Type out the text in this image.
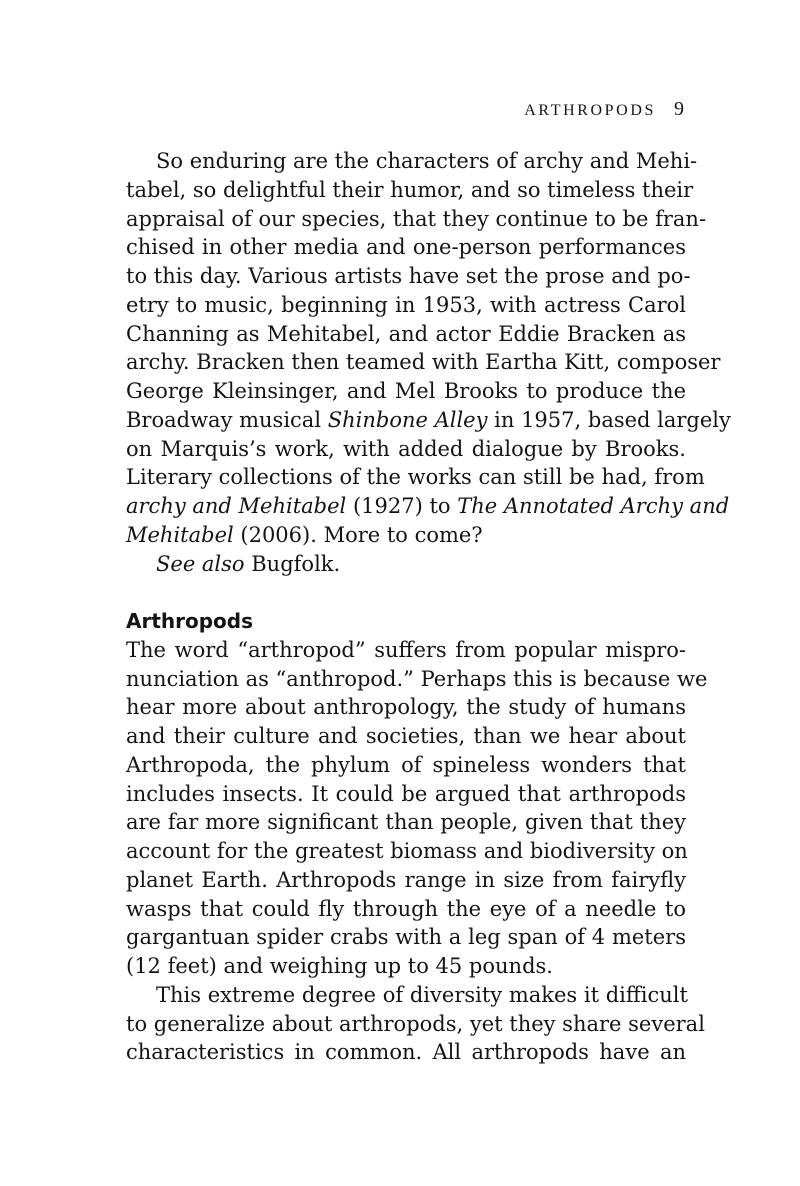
ARTHROPODS 9
So enduring are the characters of archy and Mehi-
tabel, so delightful their humor, and so timeless their
appraisal of our species, that they continue to be fran-
chised in other media and one-person performances
to this day. Various artists have set the prose and po-
etry to music, beginning in 1953, with actress Carol
Channing as Mehitabel, and actor Eddie Bracken as
archy. Bracken then teamed with Eartha Kitt, composer
George Kleinsinger, and Mel Brooks to produce the
Broadway musical Shinbone Alley in 1957, based largely
on Marquis’s work, with added dialogue by Brooks.
Literary collections of the works can still be had, from
archy and Mehitabel (1927) to The Annotated Archy and
Mehitabel (2006). More to come?
See also Bugfolk.
Arthropods
The word “arthropod” suffers from popular mispro-
nunciation as “anthropod.” Perhaps this is because we
hear more about anthropology, the study of humans
and their culture and societies, than we hear about
Arthropoda, the phylum of spineless wonders that
includes insects. It could be argued that arthropods
are far more significant than people, given that they
account for the greatest biomass and biodiversity on
planet Earth. Arthropods range in size from fairyfly
wasps that could fly through the eye of a needle to
gargantuan spider crabs with a leg span of 4 meters
(12 feet) and weighing up to 45 pounds.
This extreme degree of diversity makes it difficult
to generalize about arthropods, yet they share several
characteristics in common. All arthropods have an
